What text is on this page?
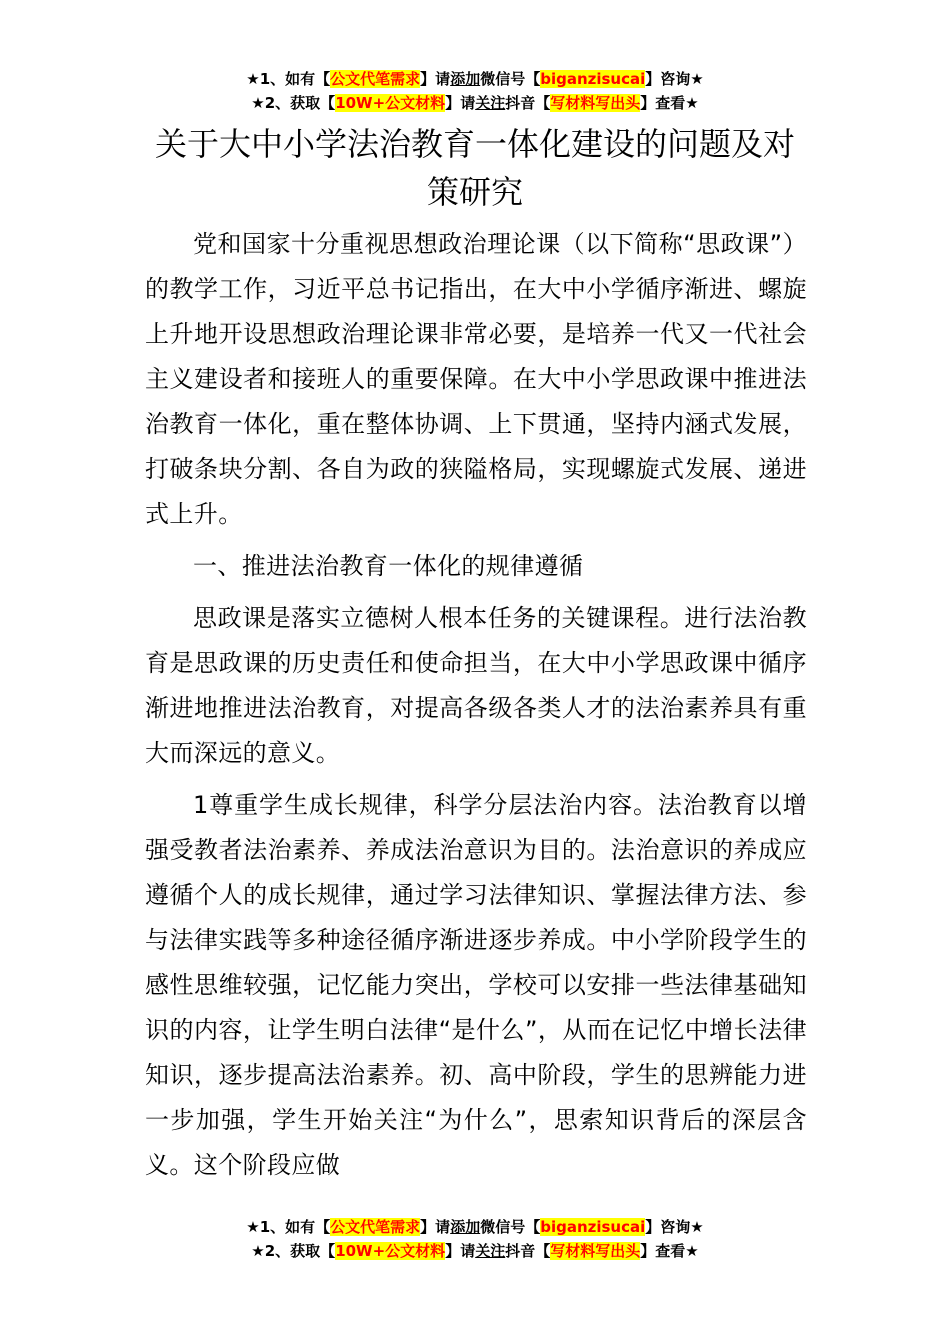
★1、如有【公文代笔需求】请添加微信号【biganzisucai】咨询★
★2、获取【10W+公文材料】请关注抖音【写材料写出头】查看★
关于大中小学法治教育一体化建设的问题及对策研究

党和国家十分重视思想政治理论课（以下简称“思政课”）的教学工作，习近平总书记指出，在大中小学循序渐进、螺旋上升地开设思想政治理论课非常必要，是培养一代又一代社会主义建设者和接班人的重要保障。在大中小学思政课中推进法治教育一体化，重在整体协调、上下贯通，坚持内涵式发展，打破条块分割、各自为政的狭隘格局，实现螺旋式发展、递进式上升。

一、推进法治教育一体化的规律遵循

思政课是落实立德树人根本任务的关键课程。进行法治教育是思政课的历史责任和使命担当，在大中小学思政课中循序渐进地推进法治教育，对提高各级各类人才的法治素养具有重大而深远的意义。

1尊重学生成长规律，科学分层法治内容。法治教育以增强受教者法治素养、养成法治意识为目的。法治意识的养成应遵循个人的成长规律，通过学习法律知识、掌握法律方法、参与法律实践等多种途径循序渐进逐步养成。中小学阶段学生的感性思维较强，记忆能力突出，学校可以安排一些法律基础知识的内容，让学生明白法律“是什么”，从而在记忆中增长法律知识，逐步提高法治素养。初、高中阶段，学生的思辨能力进一步加强，学生开始关注“为什么”，思索知识背后的深层含义。这个阶段应做

★1、如有【公文代笔需求】请添加微信号【biganzisucai】咨询★
★2、获取【10W+公文材料】请关注抖音【写材料写出头】查看★
